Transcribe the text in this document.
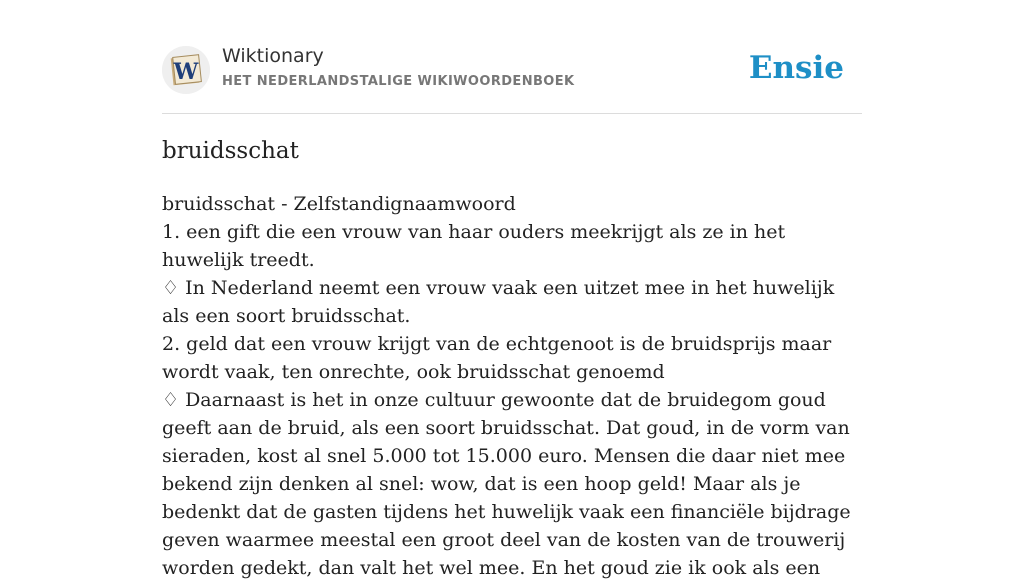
W
Wiktionary
HET NEDERLANDSTALIGE WIKIWOORDENBOEK	Ensie
bruidsschat
bruidsschat - Zelfstandignaamwoord
1. een gift die een vrouw van haar ouders meekrijgt als ze in het huwelijk treedt.
♢ In Nederland neemt een vrouw vaak een uitzet mee in het huwelijk als een soort bruidsschat.
2. geld dat een vrouw krijgt van de echtgenoot is de bruidsprijs maar wordt vaak, ten onrechte, ook bruidsschat genoemd
♢ Daarnaast is het in onze cultuur gewoonte dat de bruidegom goud geeft aan de bruid, als een soort bruidsschat. Dat goud, in de vorm van sieraden, kost al snel 5.000 tot 15.000 euro. Mensen die daar niet mee bekend zijn denken al snel: wow, dat is een hoop geld! Maar als je bedenkt dat de gasten tijdens het huwelijk vaak een financiële bijdrage geven waarmee meestal een groot deel van de kosten van de trouwerij worden gedekt, dan valt het wel mee. En het goud zie ik ook als een
